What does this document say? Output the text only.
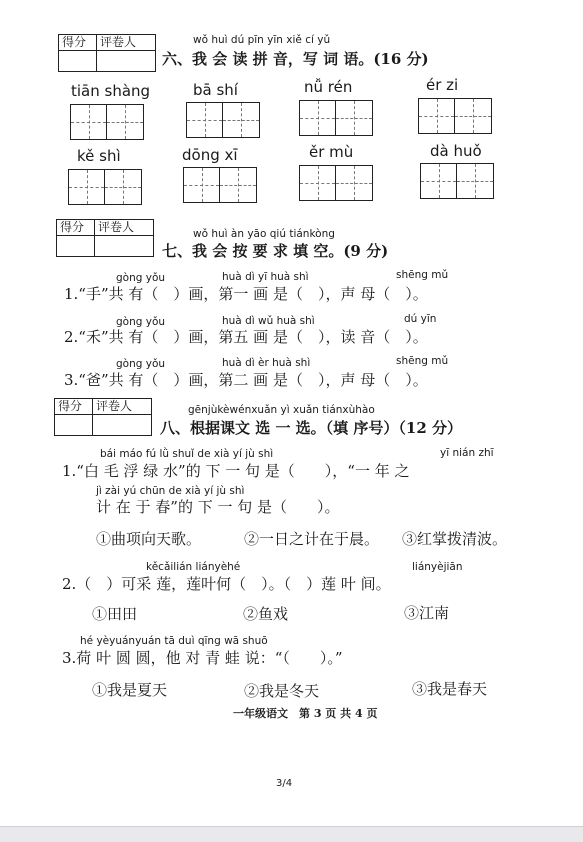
得分	评卷人	wǒ huì dú pīn yīn xiě cí yǔ
六、我 会 读 拼 音，写 词 语。(16 分)
tiān shàng	bā shí	nǚ rén	ér zi
kě shì	dōng xī	ěr mù	dà huǒ
得分	评卷人	wǒ huì àn yāo qiú tiánkòng
七、我 会 按 要 求 填 空。(9 分)
gòng yǒu	huà dì yī huà shì	shēng mǔ
1.“手”共 有（　）画，第一 画 是（　），声 母（　）。
gòng yǒu	huà dì wǔ huà shì	dú yīn
2.“禾”共 有（　）画，第五 画 是（　），读 音（　）。
gòng yǒu	huà dì èr huà shì	shēng mǔ
3.“爸”共 有（　）画，第二 画 是（　），声 母（　）。
得分	评卷人	gēnjùkèwénxuǎn yì xuǎn tiánxùhào
八、根据课文 选 一 选。（填 序号）（12 分）
bái máo fú lǜ shuǐ de xià yí jù shì	yī nián zhī
1.“白 毛 浮 绿 水”的 下 一 句 是（　　），“一 年 之
jì zài yú chūn de xià yí jù shì
计 在 于 春”的 下 一 句 是（　　）。
①曲项向天歌。	②一日之计在于晨。 ③红掌拨清波。
kěcǎilián liányèhé	liányèjiān
2.（　）可采 莲，莲叶何（　）。（　）莲 叶 间。
①田田	②鱼戏	③江南
hé yèyuányuán tā duì qīng wā shuō
3.荷 叶 圆 圆，他 对 青 蛙 说：“（　　）。”
①我是夏天	②我是冬天	③我是春天
一年级语文　第 3 页 共 4 页
3/4
